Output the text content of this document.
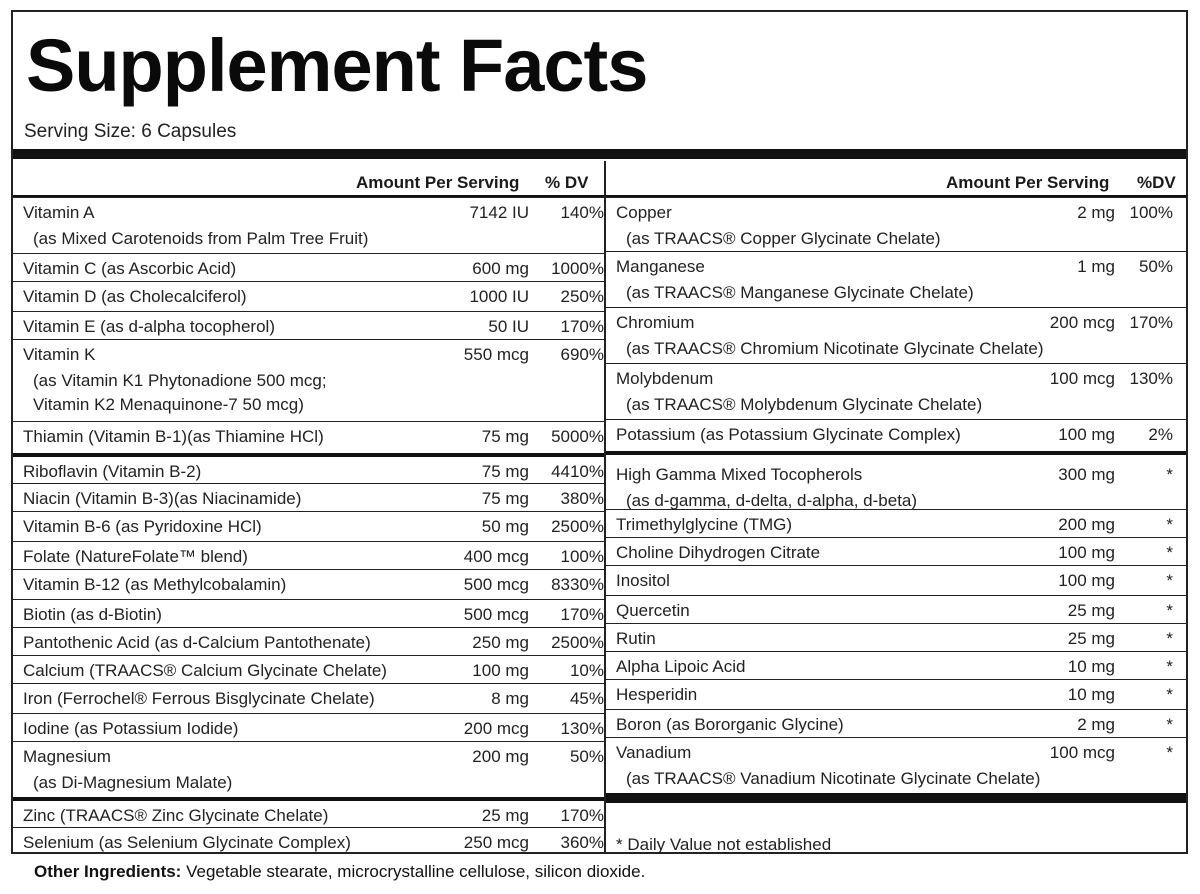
Supplement Facts
Serving Size: 6 Capsules
Amount Per Serving % DV
Vitamin A
(as Mixed Carotenoids from Palm Tree Fruit)
7142 IU 140%
Vitamin C (as Ascorbic Acid)	600 mg 1000%
Vitamin D (as Cholecalciferol)	1000 IU 250%
Vitamin E (as d-alpha tocopherol)	50 IU 170%
Vitamin K
(as Vitamin K1 Phytonadione 500 mcg;
Vitamin K2 Menaquinone-7 50 mcg)
550 mcg 690%
Thiamin (Vitamin B-1)(as Thiamine HCl)	75 mg 5000%
Riboflavin (Vitamin B-2)	75 mg 4410%
Niacin (Vitamin B-3)(as Niacinamide)	75 mg 380%
Vitamin B-6 (as Pyridoxine HCl)	50 mg 2500%
Folate (NatureFolate™ blend)	400 mcg 100%
Vitamin B-12 (as Methylcobalamin)	500 mcg 8330%
Biotin (as d-Biotin)	500 mcg 170%
Pantothenic Acid (as d-Calcium Pantothenate)	250 mg 2500%
Calcium (TRAACS® Calcium Glycinate Chelate)	100 mg 10%
Iron (Ferrochel® Ferrous Bisglycinate Chelate)	8 mg 45%
Iodine (as Potassium Iodide)	200 mcg 130%
Magnesium
(as Di-Magnesium Malate)
200 mg 50%
Zinc (TRAACS® Zinc Glycinate Chelate)	25 mg 170%
Selenium (as Selenium Glycinate Complex)	250 mcg 360%
Amount Per Serving %DV
Copper
(as TRAACS® Copper Glycinate Chelate)
2 mg 100%
Manganese
(as TRAACS® Manganese Glycinate Chelate)
1 mg 50%
Chromium
(as TRAACS® Chromium Nicotinate Glycinate Chelate)
200 mcg 170%
Molybdenum
(as TRAACS® Molybdenum Glycinate Chelate)
100 mcg 130%
Potassium (as Potassium Glycinate Complex)	100 mg 2%
High Gamma Mixed Tocopherols
(as d-gamma, d-delta, d-alpha, d-beta)
300 mg	*
Trimethylglycine (TMG)	200 mg	*
Choline Dihydrogen Citrate	100 mg	*
Inositol	100 mg	*
Quercetin	25 mg	*
Rutin	25 mg	*
Alpha Lipoic Acid	10 mg	*
Hesperidin	10 mg	*
Boron (as Bororganic Glycine)	2 mg	*
Vanadium
(as TRAACS® Vanadium Nicotinate Glycinate Chelate)
100 mcg	*
* Daily Value not established
Other Ingredients: Vegetable stearate, microcrystalline cellulose, silicon dioxide.
